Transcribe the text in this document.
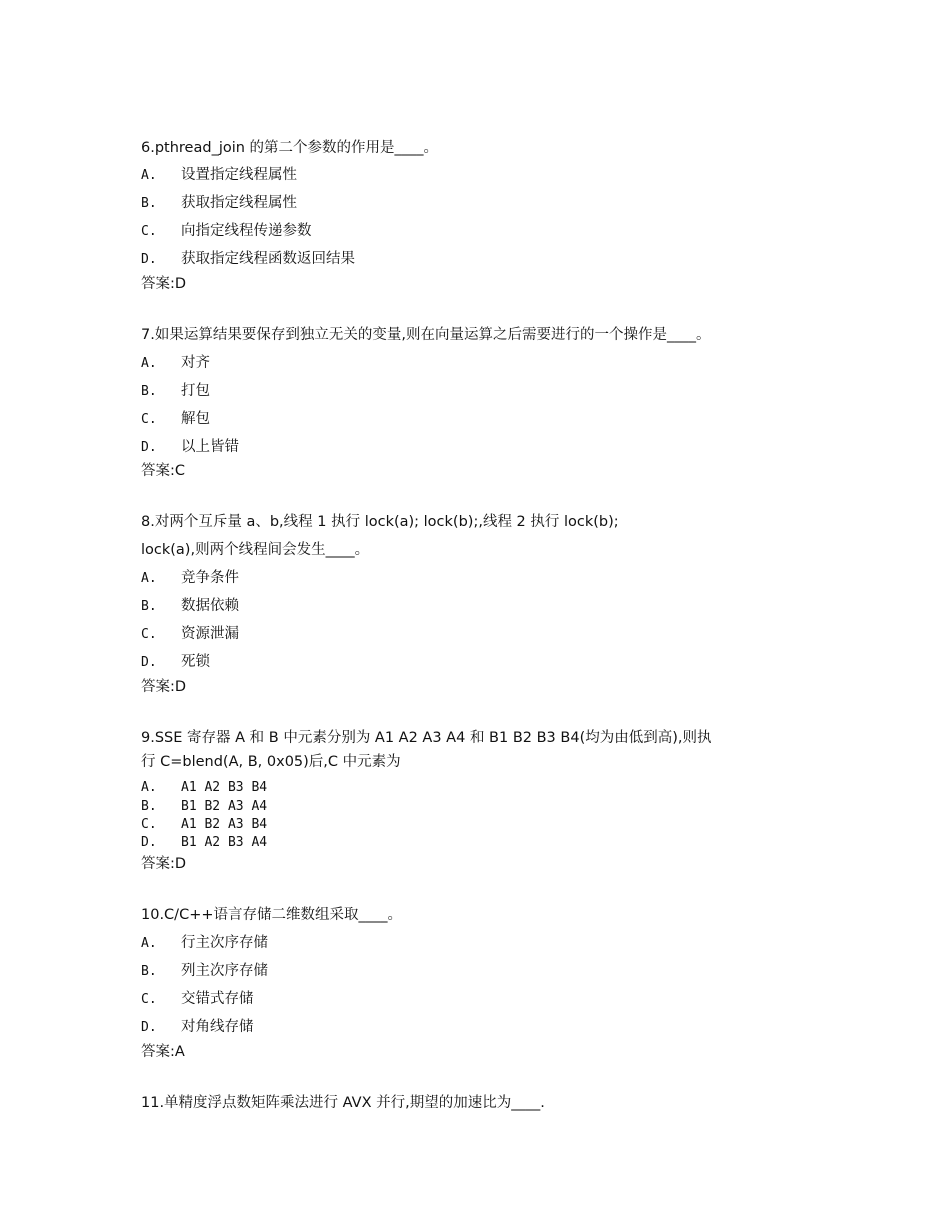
6.pthread_join 的第二个参数的作用是____。
A. 设置指定线程属性
B. 获取指定线程属性
C. 向指定线程传递参数
D. 获取指定线程函数返回结果
答案:D
7.如果运算结果要保存到独立无关的变量,则在向量运算之后需要进行的一个操作是____。
A. 对齐
B. 打包
C. 解包
D. 以上皆错
答案:C
8.对两个互斥量 a、b,线程 1 执行 lock(a); lock(b);,线程 2 执行 lock(b);
lock(a),则两个线程间会发生____。
A. 竞争条件
B. 数据依赖
C. 资源泄漏
D. 死锁
答案:D
9.SSE 寄存器 A 和 B 中元素分别为 A1 A2 A3 A4 和 B1 B2 B3 B4(均为由低到高),则执
行 C=blend(A, B, 0x05)后,C 中元素为
A. A1 A2 B3 B4
B. B1 B2 A3 A4
C. A1 B2 A3 B4
D. B1 A2 B3 A4
答案:D
10.C/C++语言存储二维数组采取____。
A. 行主次序存储
B. 列主次序存储
C. 交错式存储
D. 对角线存储
答案:A
11.单精度浮点数矩阵乘法进行 AVX 并行,期望的加速比为____.
